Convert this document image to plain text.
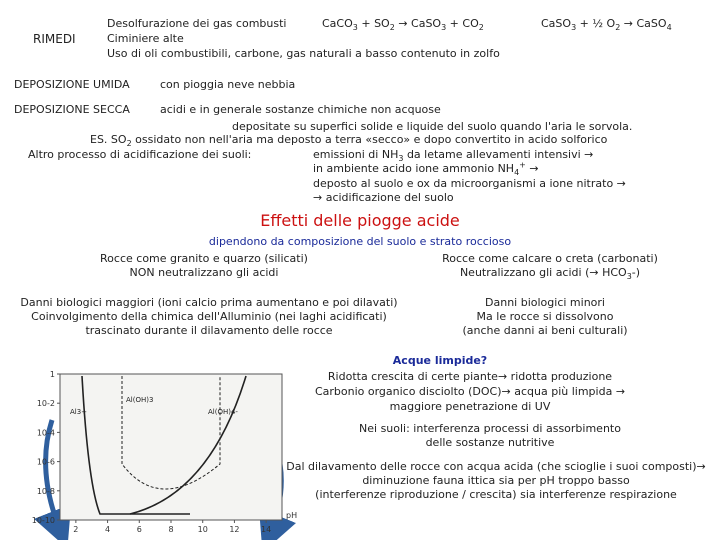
RIMEDI
Desolfurazione dei gas combusti	CaCO$_3$ + $SO_2$ → CaSO$_3$ + $CO_2$	CaSO$_3$ + ½ $O_2$ → CaSO$_4$
Ciminiere alte
Uso di oli combustibili, carbone, gas naturali a basso contenuto in zolfo
DEPOSIZIONE UMIDA	con pioggia neve nebbia
DEPOSIZIONE SECCA	acidi e in generale sostanze chimiche non acquose
depositate su superfici solide e liquide del suolo quando l'aria le sorvola.
ES. $SO_2$ ossidato non nell'aria ma deposto a terra «secco» e dopo convertito in acido solforico
Altro processo di acidificazione dei suoli:	emissioni di $NH_3$ da letame allevamenti intensivi →
in ambiente acido ione ammonio $NH_4^+$ →
deposto al suolo e ox da microorganismi a ione nitrato →
→ acidificazione del suolo
Effetti delle piogge acide
dipendono da composizione del suolo e strato roccioso
Rocce come granito e quarzo (silicati)
NON neutralizzano gli acidi
Rocce come calcare o creta (carbonati)
Neutralizzano gli acidi (→ $HCO_3-$)
Danni biologici maggiori (ioni calcio prima aumentano e poi dilavati)
Coinvolgimento della chimica dell'Alluminio (nei laghi acidificati)
trascinato durante il dilavamento delle rocce
Danni biologici minori
Ma le rocce si dissolvono
(anche danni ai beni culturali)
Acque limpide?
Ridotta crescita di certe piante→ ridotta produzione
Carbonio organico disciolto (DOC)→ acqua più limpida →
maggiore penetrazione di UV
Nei suoli: interferenza processi di assorbimento
delle sostanze nutritive
Dal dilavamento delle rocce con acqua acida (che scioglie i suoi composti)→
diminuzione fauna ittica sia per pH troppo basso
(interferenze riproduzione / crescita) sia interferenze respirazione
1
10-2
10-4
10-6
10-8
10-10
2	4	6	8	10	12	14
pH
Al3+
Al(OH)3
Al(OH)4-
